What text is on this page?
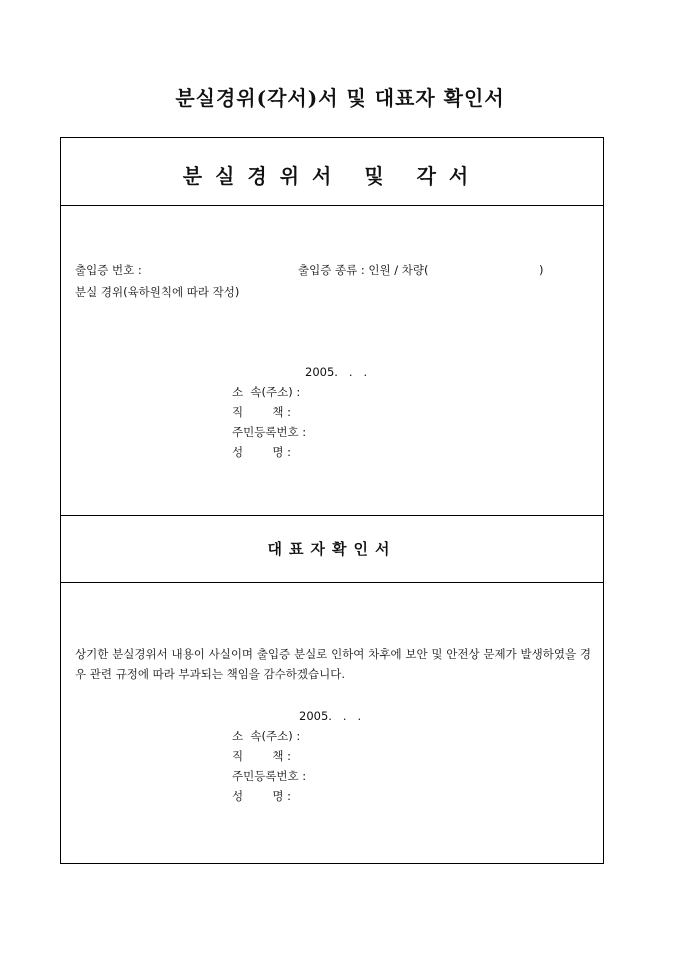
분실경위(각서)서 및 대표자 확인서
분실경위서 및 각서
출입증 번호 :	출입증 종류 : 인원 / 차량(	)
분실 경위(육하원칙에 따라 작성)
2005.   .   .
소  속(주소) :
직        책 :
주민등록번호 :
성        명 :
대표자확인서
상기한 분실경위서 내용이 사실이며 출입증 분실로 인하여 차후에 보안 및 안전상 문제가 발생하였을 경우 관련 규정에 따라 부과되는 책임을 감수하겠습니다.
2005.   .   .
소  속(주소) :
직        책 :
주민등록번호 :
성        명 :
